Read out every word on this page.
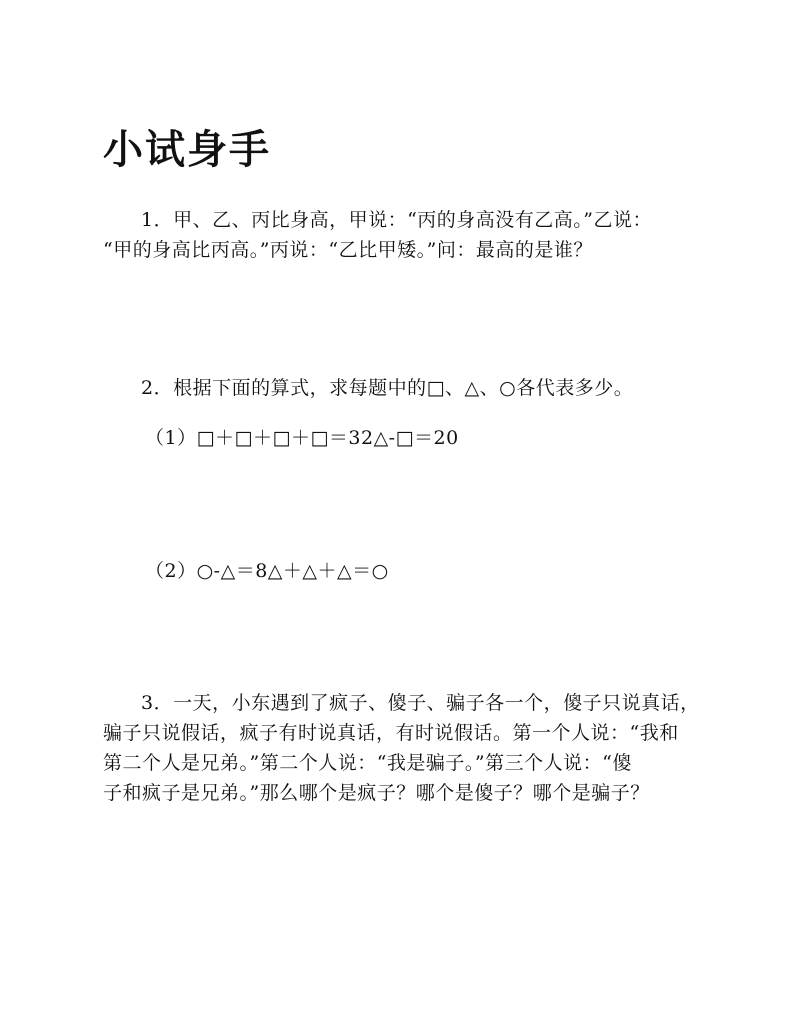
小试身手
1．甲、乙、丙比身高，甲说：“丙的身高没有乙高。”乙说：
“甲的身高比丙高。”丙说：“乙比甲矮。”问：最高的是谁？
2．根据下面的算式，求每题中的□、△、○各代表多少。
（1）□＋□＋□＋□＝32△-□＝20
（2）○-△＝8△＋△＋△＝○
3．一天，小东遇到了疯子、傻子、骗子各一个，傻子只说真话，
骗子只说假话，疯子有时说真话，有时说假话。第一个人说：“我和
第二个人是兄弟。”第二个人说：“我是骗子。”第三个人说：“傻
子和疯子是兄弟。”那么哪个是疯子？哪个是傻子？哪个是骗子？
